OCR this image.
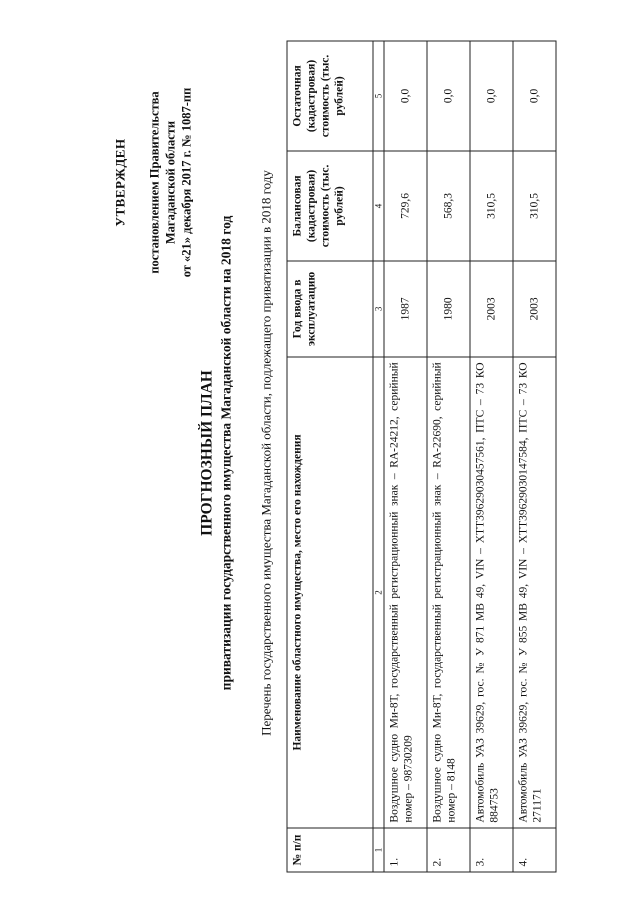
УТВЕРЖДЕН постановлением Правительства Магаданской области от «21» декабря 2017 г. № 1087-пп
ПРОГНОЗНЫЙ ПЛАН приватизации государственного имущества Магаданской области на 2018 год Перечень государственного имущества Магаданской области, подлежащего приватизации в 2018 году
№ п/п	Наименование областного имущества, место его нахождения	Год ввода в эксплуатацию	Балансовая (кадастровая) стоимость (тыс. рублей)	Остаточная (кадастровая) стоимость (тыс. рублей)
1	2	3	4	5
1.	Воздушное судно Ми-8Т, государственный регистрационный знак – RA-24212, серийный номер – 98730209	1987	729,6	0,0
2.	Воздушное судно Ми-8Т, государственный регистрационный знак – RA-22690, серийный номер – 8148	1980	568,3	0,0
3.	Автомобиль УАЗ 39629, гос. № У 871 МВ 49, VIN – ХТТ39629030457561, ПТС – 73 КО 884753	2003	310,5	0,0
4.	Автомобиль УАЗ 39629, гос. № У 855 МВ 49, VIN – ХТТ39629030147584, ПТС – 73 КО 271171	2003	310,5	0,0
